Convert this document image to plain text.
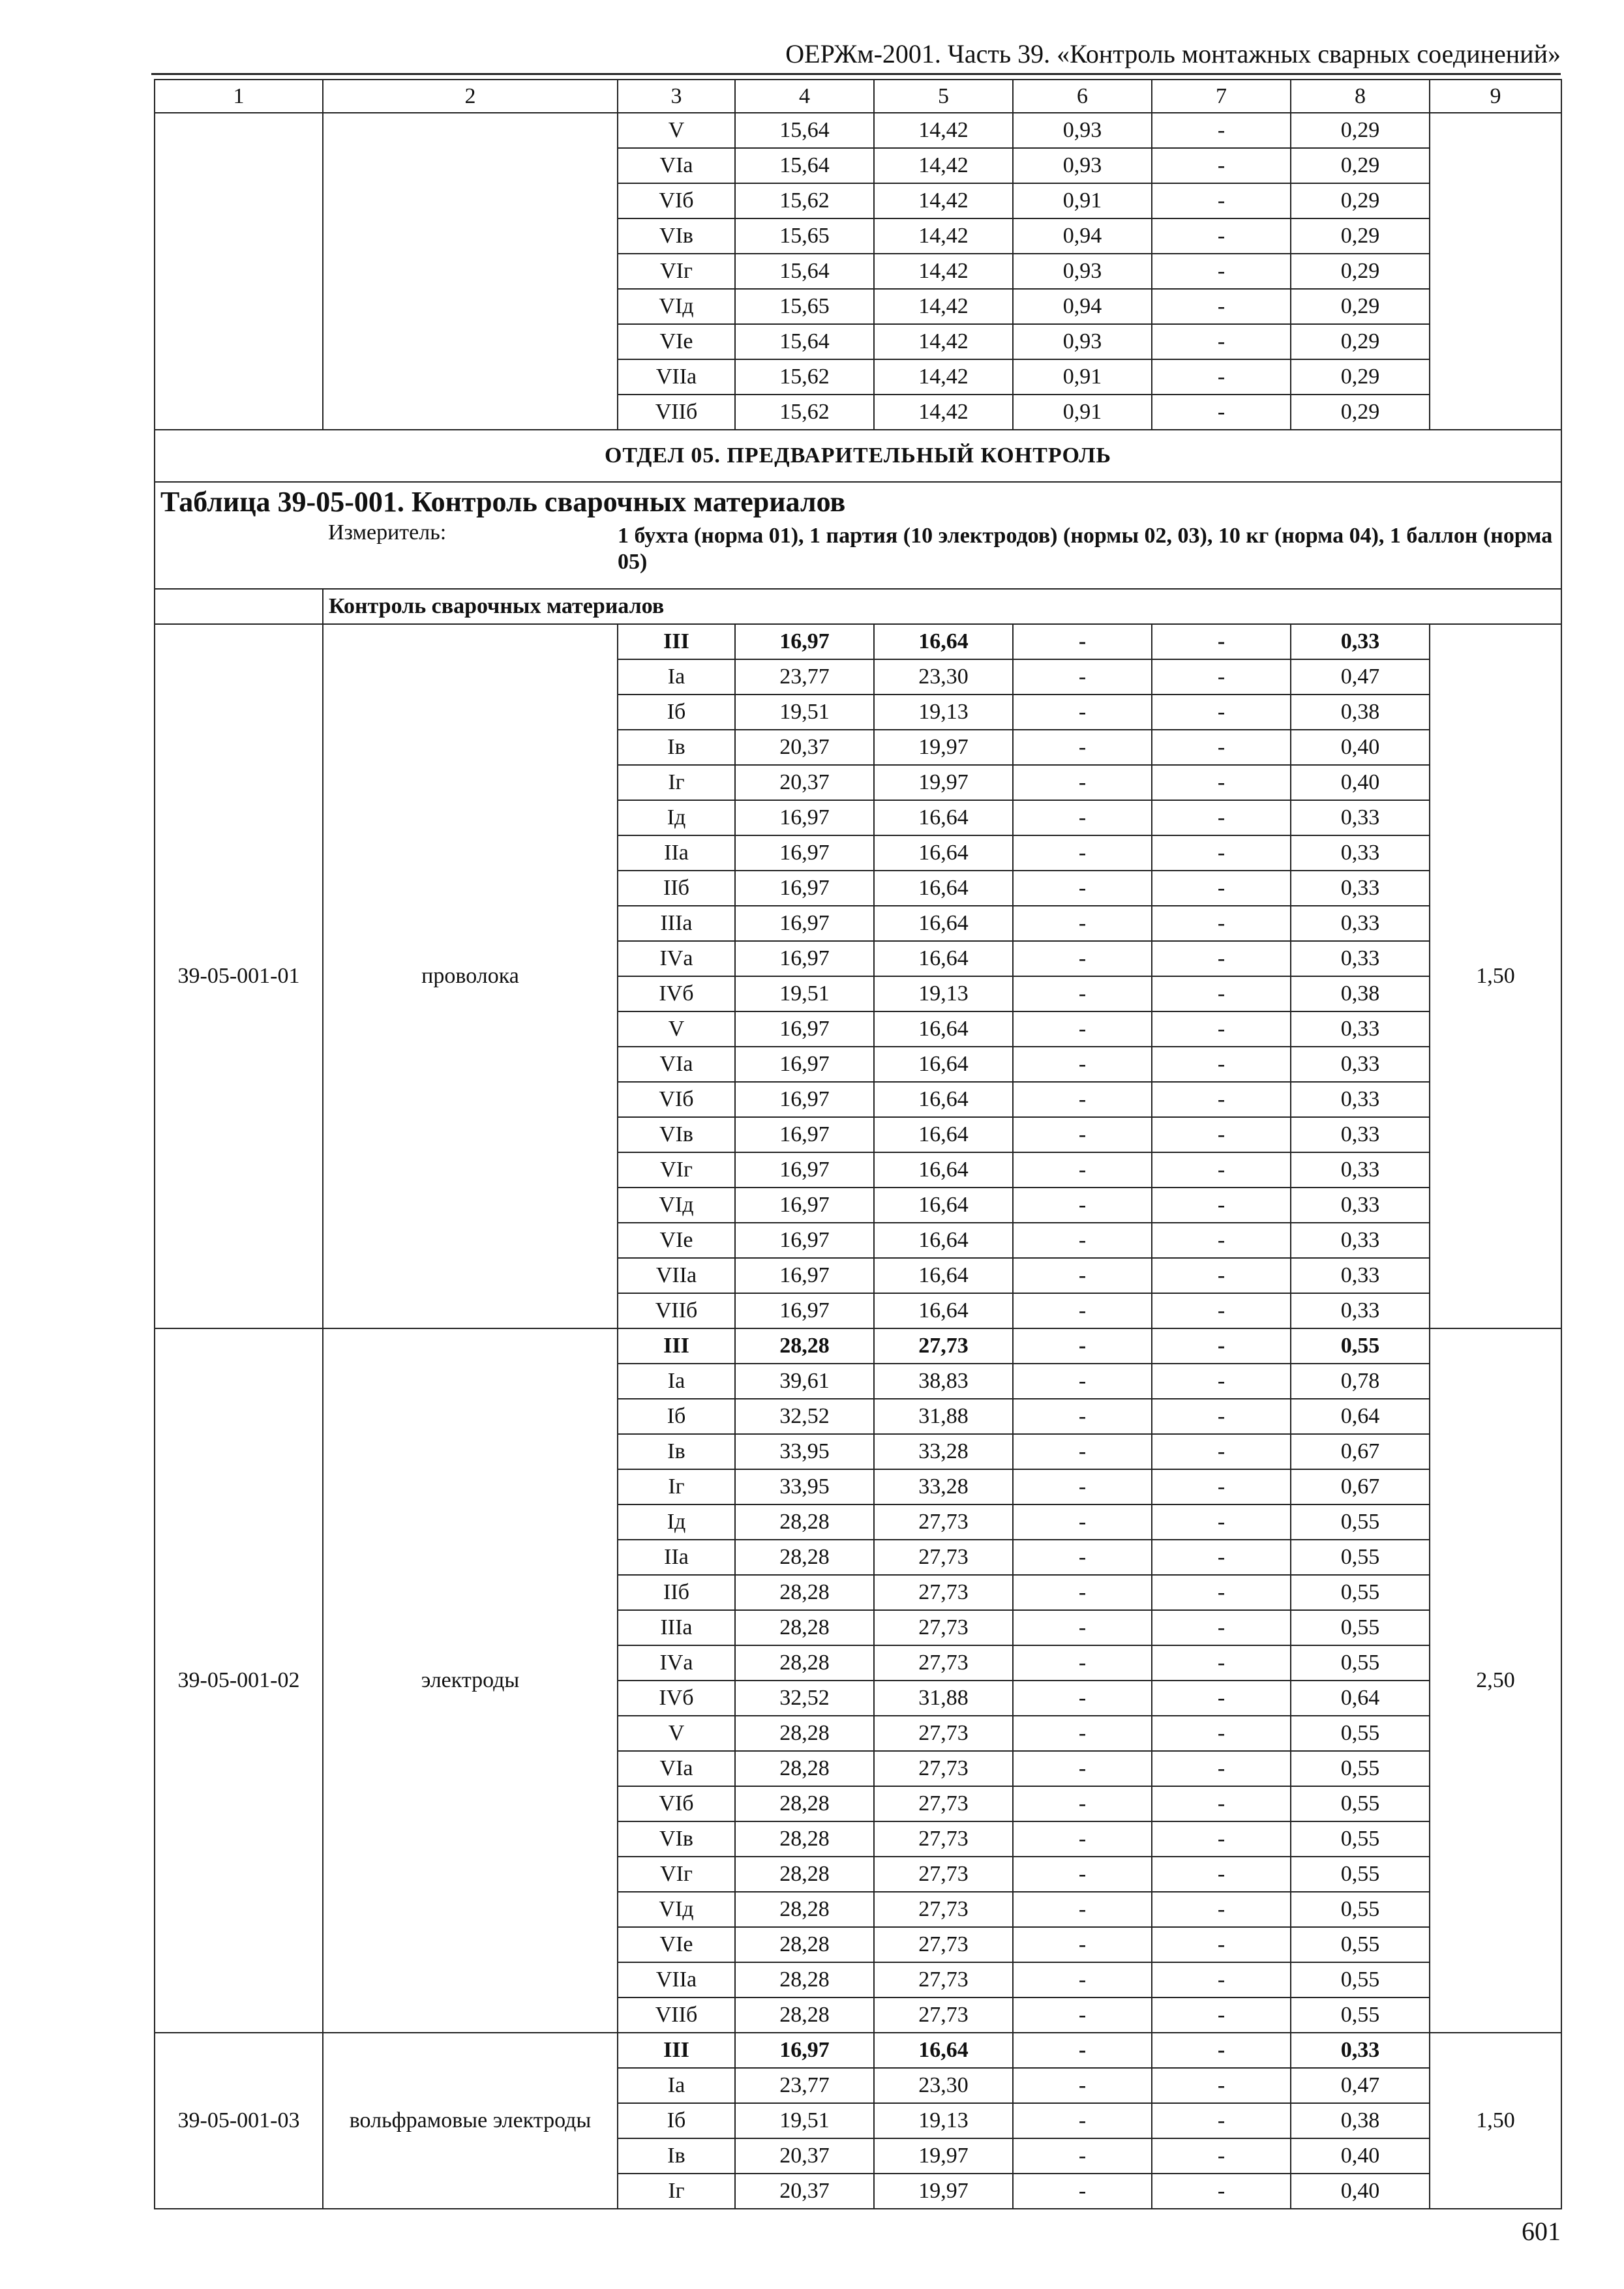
ОЕРЖм-2001. Часть 39. «Контроль монтажных сварных соединений»
1	2	3	4	5	6	7	8	9
		V	15,64	14,42	0,93	-	0,29	
		VIа	15,64	14,42	0,93	-	0,29	
		VIб	15,62	14,42	0,91	-	0,29	
		VIв	15,65	14,42	0,94	-	0,29	
		VIг	15,64	14,42	0,93	-	0,29	
		VIд	15,65	14,42	0,94	-	0,29	
		VIе	15,64	14,42	0,93	-	0,29	
		VIIа	15,62	14,42	0,91	-	0,29	
		VIIб	15,62	14,42	0,91	-	0,29	
ОТДЕЛ 05. ПРЕДВАРИТЕЛЬНЫЙ КОНТРОЛЬ								
Таблица 39-05-001. Контроль сварочных материалов								
	Измеритель:	1 бухта (норма 01), 1 партия (10 электродов) (нормы 02, 03), 10 кг (норма 04), 1 баллон (норма 05)						
	Контроль сварочных материалов							
39-05-001-01	проволока	III	16,97	16,64	-	-	0,33	1,50
		Iа	23,77	23,30	-	-	0,47	
		Iб	19,51	19,13	-	-	0,38	
		Iв	20,37	19,97	-	-	0,40	
		Iг	20,37	19,97	-	-	0,40	
		Iд	16,97	16,64	-	-	0,33	
		IIа	16,97	16,64	-	-	0,33	
		IIб	16,97	16,64	-	-	0,33	
		IIIа	16,97	16,64	-	-	0,33	
		IVа	16,97	16,64	-	-	0,33	
		IVб	19,51	19,13	-	-	0,38	
		V	16,97	16,64	-	-	0,33	
		VIа	16,97	16,64	-	-	0,33	
		VIб	16,97	16,64	-	-	0,33	
		VIв	16,97	16,64	-	-	0,33	
		VIг	16,97	16,64	-	-	0,33	
		VIд	16,97	16,64	-	-	0,33	
		VIе	16,97	16,64	-	-	0,33	
		VIIа	16,97	16,64	-	-	0,33	
		VIIб	16,97	16,64	-	-	0,33	
39-05-001-02	электроды	III	28,28	27,73	-	-	0,55	2,50
		Iа	39,61	38,83	-	-	0,78	
		Iб	32,52	31,88	-	-	0,64	
		Iв	33,95	33,28	-	-	0,67	
		Iг	33,95	33,28	-	-	0,67	
		Iд	28,28	27,73	-	-	0,55	
		IIа	28,28	27,73	-	-	0,55	
		IIб	28,28	27,73	-	-	0,55	
		IIIа	28,28	27,73	-	-	0,55	
		IVа	28,28	27,73	-	-	0,55	
		IVб	32,52	31,88	-	-	0,64	
		V	28,28	27,73	-	-	0,55	
		VIа	28,28	27,73	-	-	0,55	
		VIб	28,28	27,73	-	-	0,55	
		VIв	28,28	27,73	-	-	0,55	
		VIг	28,28	27,73	-	-	0,55	
		VIд	28,28	27,73	-	-	0,55	
		VIе	28,28	27,73	-	-	0,55	
		VIIа	28,28	27,73	-	-	0,55	
		VIIб	28,28	27,73	-	-	0,55	
39-05-001-03	вольфрамовые электроды	III	16,97	16,64	-	-	0,33	1,50
		Iа	23,77	23,30	-	-	0,47	
		Iб	19,51	19,13	-	-	0,38	
		Iв	20,37	19,97	-	-	0,40	
		Iг	20,37	19,97	-	-	0,40	
601
